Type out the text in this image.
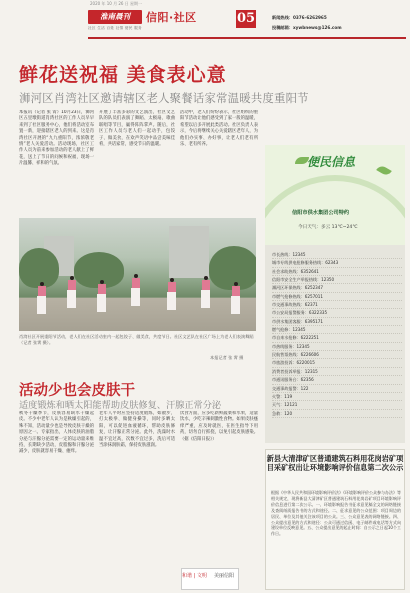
2020 年 10 月 26 日 星期一
淮南晨刊	信阳·社区
社区 生活 百姓 社情 便民 服务
05	新闻热线：0376-6262965
投稿邮箱：xywbnews@126.com
鲜花送祝福 美食表心意
浉河区肖湾社区邀请辖区老人聚餐话家常温暖共度重阳节
本报讯（记者 张 霄）10月23日，浉河区五里墩街道肖湾社区的工作人员早早来到了社区服务中心，他们将活动室布置一新，迎接辖区老人的到来。这是肖湾社区开展的“九九重阳节，浓浓敬老情”老人关爱活动。活动现场，社区工作人员为前来参加活动的老人献上了鲜花，送上了节日的问候和祝福，现场一片温馨、祥和的气氛。
开展了丰富多彩的文艺演出，社区文艺队的队员们表演了舞蹈、太极扇、歌曲联唱等节目，赢得阵阵掌声。随后，社区工作人员与老人们一起动手，包饺子、做美食，在欢声笑语中品尝美味佳肴，共话家常，感受节日的温暖。
活动中，老人们纷纷表示，社区组织的重阳节活动让他们感受到了家一般的温暖，希望以后多开展此类活动。社区负责人表示，今后将继续关心关爱辖区老年人，为他们办实事、办好事，让老人们老有所乐、老有所养。
肖湾社区开展重阳节活动，老人们在社区活动室内一起包饺子、做美食，共度节日。社区文艺队在社区广场上为老人们表演舞蹈（记者 张霄 摄）。
本报记者 张 霄 摄
活动少也会皮肤干
适度锻炼和晒太阳能帮助皮肤修复、汗腺正常分泌
秋冬干燥季节，皮肤容易缺水干燥起皮。不少中老年人认为是秋燥引起的，殊不知，活动量少也是导致皮肤干燥的原因之一。专家指出，人体皮肤的油脂分泌与汗腺分泌需要一定的运动量来维持，长期缺少活动，皮脂腺和汗腺分泌减少，皮肤就容易干燥、瘙痒。
老年人平时应坚持适度锻炼，如散步、打太极拳、做健身操等，同时多晒太阳，可以促进血液循环，帮助皮肤修复，让汗腺正常分泌。此外，洗澡时水温不宜过高，次数不宜过多，洗后可适当涂抹润肤霜，保持皮肤滋润。
饮食方面，应多吃新鲜蔬菜和水果，适量饮水，少吃辛辣刺激性食物。如果皮肤瘙痒严重，应及时就医，在医生指导下用药，切勿自行抓挠，以免引起皮肤感染。（据《信阳日报》）
和谐 | 文明 美丽信阳
便民信息
信阳市供水集团公司特约
今日天气：多云 13℃~24℃
市长热线：12345
城市专线供电抢修服务热线：62343
社会求助热线：6352641
信阳市安全生产举报热线：12350
浉河区环保热线：6252347
市燃气抢修热线：6257011
市交通事故热线：62371
市公安局报警服务：6322335
市供水集团客服：6395171
燃气抢修：12345
市自来水抢修：6222251
市热线服务：12345
民航售票热线：6226606
市旅游投诉：6220015
消费者投诉举报：12315
市通讯服务台：62356
交通事故报警：122
火警：119
天气：12121
急救：120
新县大清津矿区普通建筑石料用花岗岩矿项目采矿权出让环境影响评价信息第二次公示
根据《中华人民共和国环境影响评价法》《环境影响评价公众参与办法》等相关规定，现将新县大清津矿区普通建筑石料用花岗岩矿项目环境影响评价信息进行第二次公示。一、环境影响报告书征求意见稿全文的网络链接及查阅纸质报告书的方式和途径。二、征求意见的公众范围：项目周边的居民、单位及其他关注该项目的公众。三、公众意见表的网络链接。四、公众提出意见的方式和途径：公众可通过信函、电子邮件或电话等方式向建设单位反映意见。五、公众提出意见的起止时间：自公示之日起10个工作日。
